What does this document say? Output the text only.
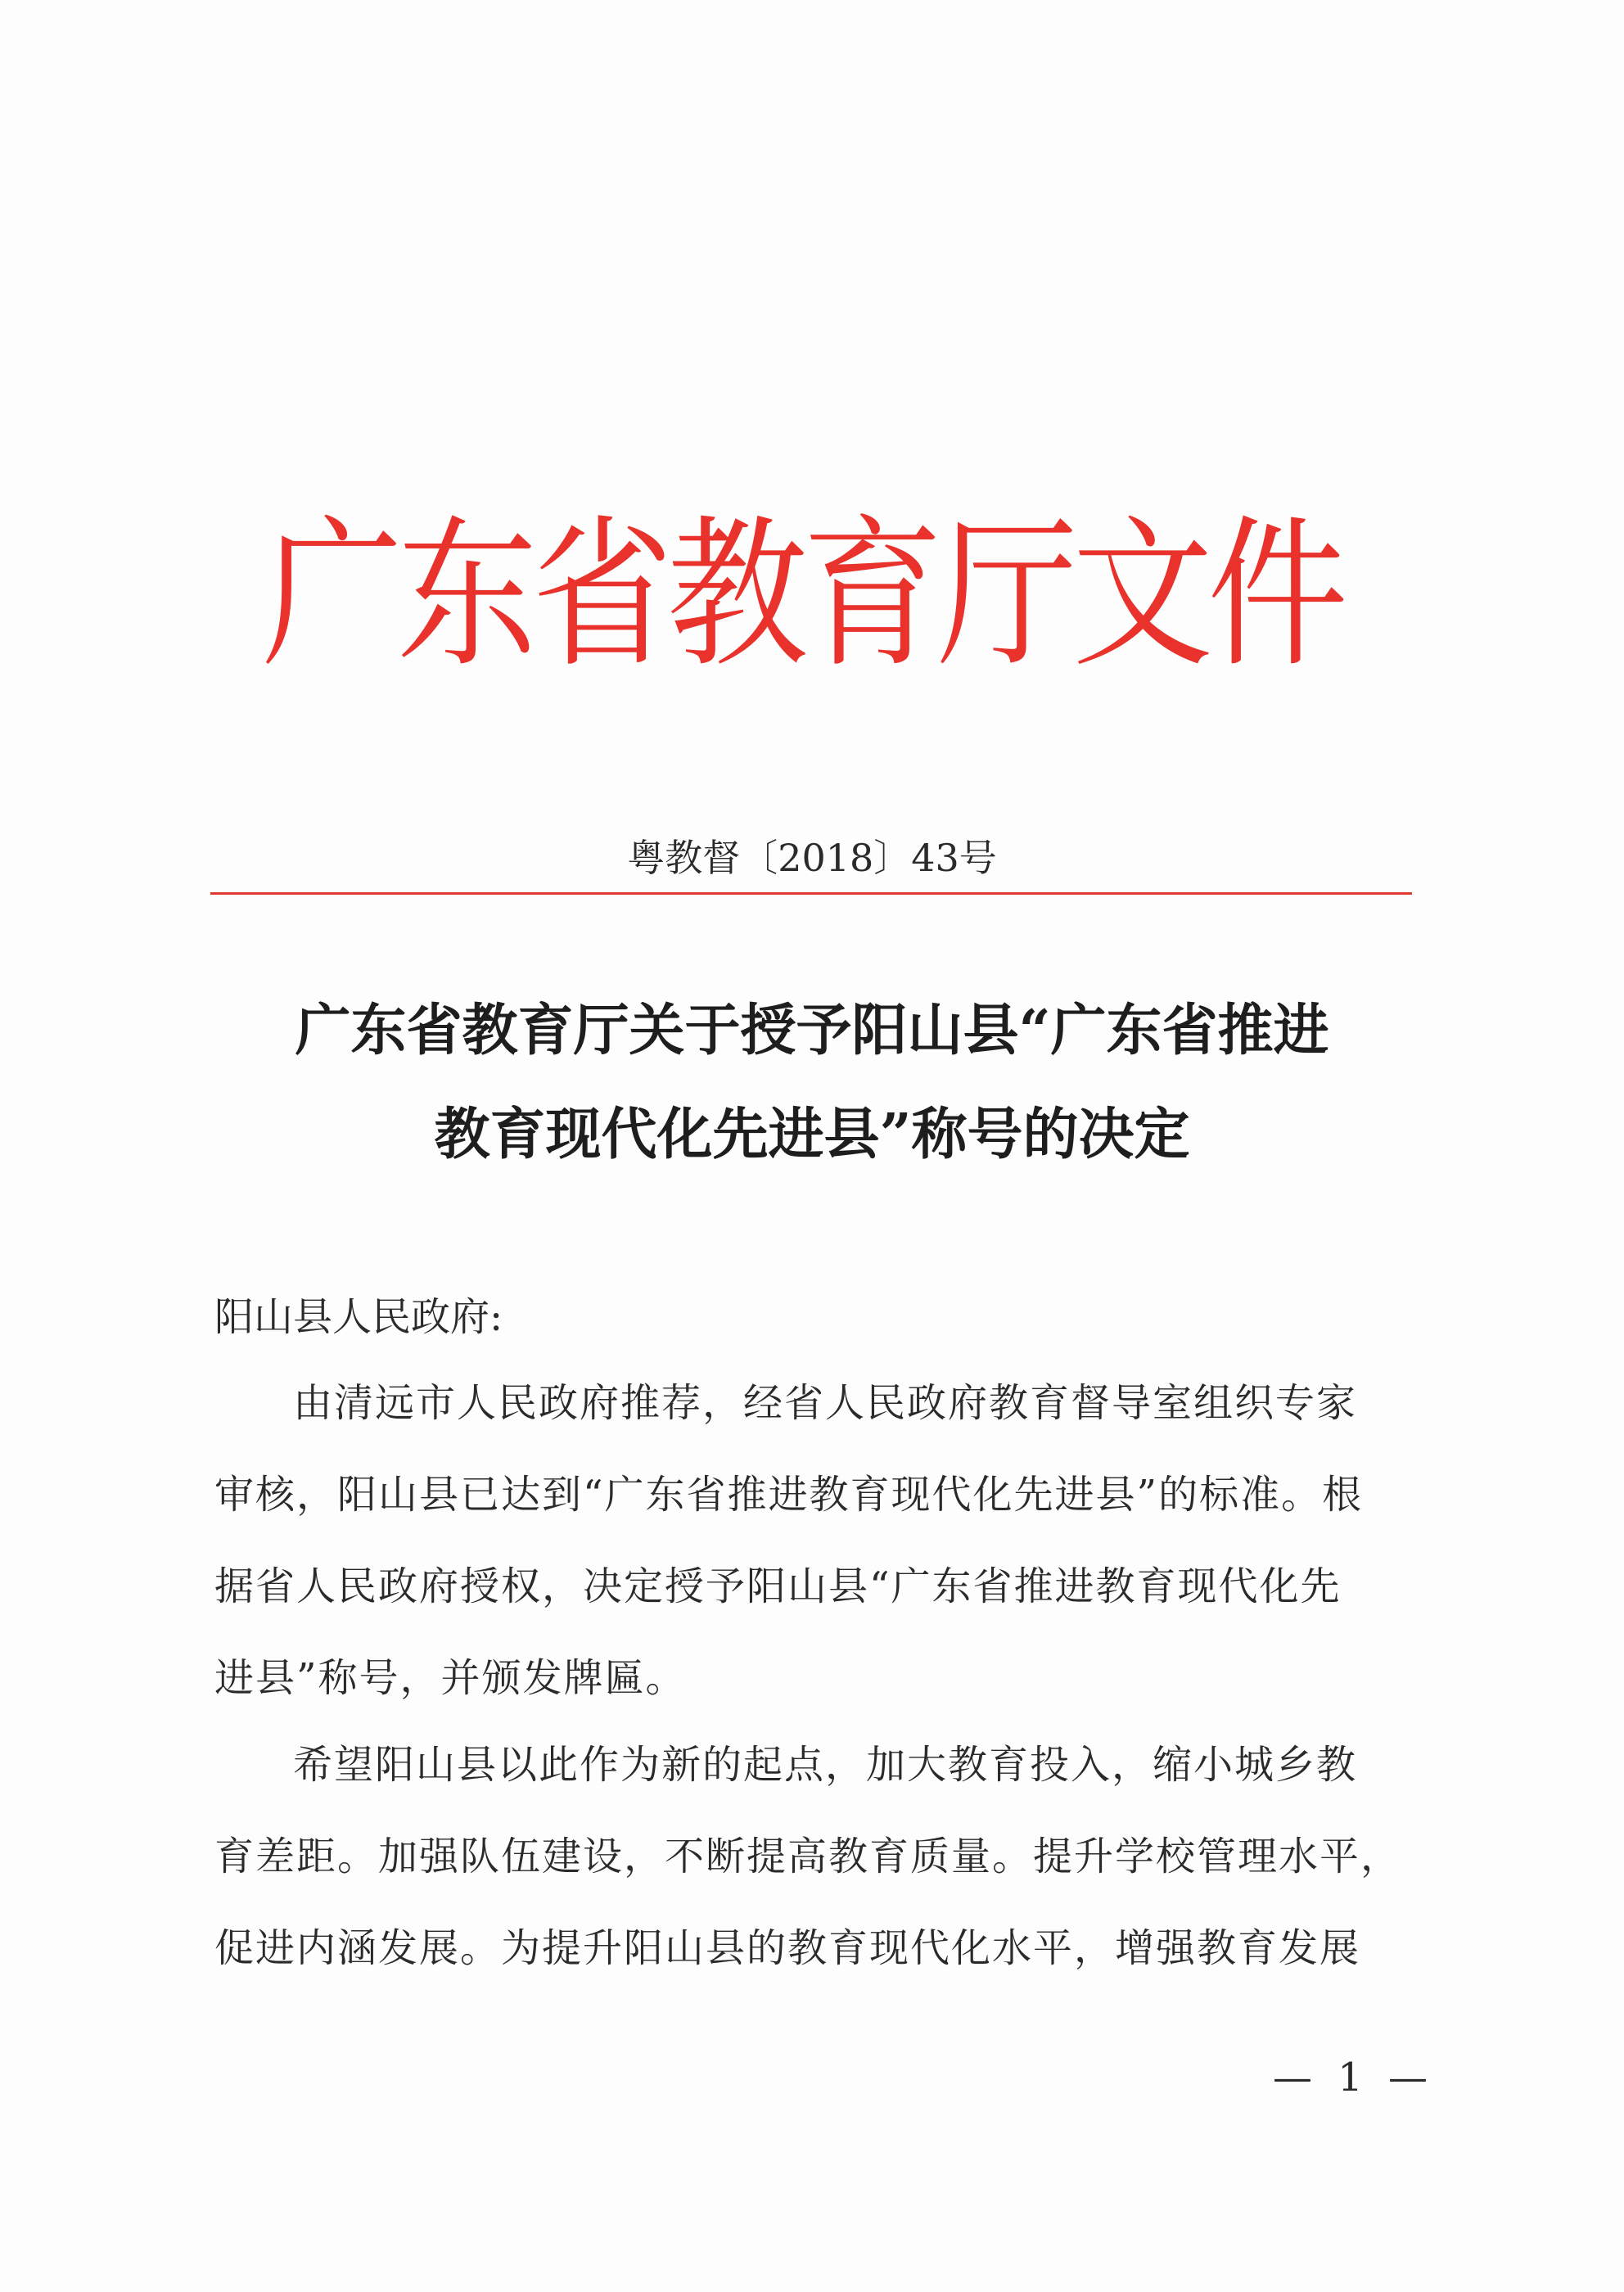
广
东
省
教
育
厅
文
件
粤教督〔2018〕43号
广东省教育厅关于授予阳山县“广东省推进
教育现代化先进县”称号的决定
阳山县人民政府:
由清远市人民政府推荐，经省人民政府教育督导室组织专家
审核，阳山县已达到“广东省推进教育现代化先进县”的标准。根
据省人民政府授权，决定授予阳山县“广东省推进教育现代化先
进县”称号，并颁发牌匾。
希望阳山县以此作为新的起点，加大教育投入，缩小城乡教
育差距。加强队伍建设，不断提高教育质量。提升学校管理水平，
促进内涵发展。为提升阳山县的教育现代化水平，增强教育发展
— 1 —
